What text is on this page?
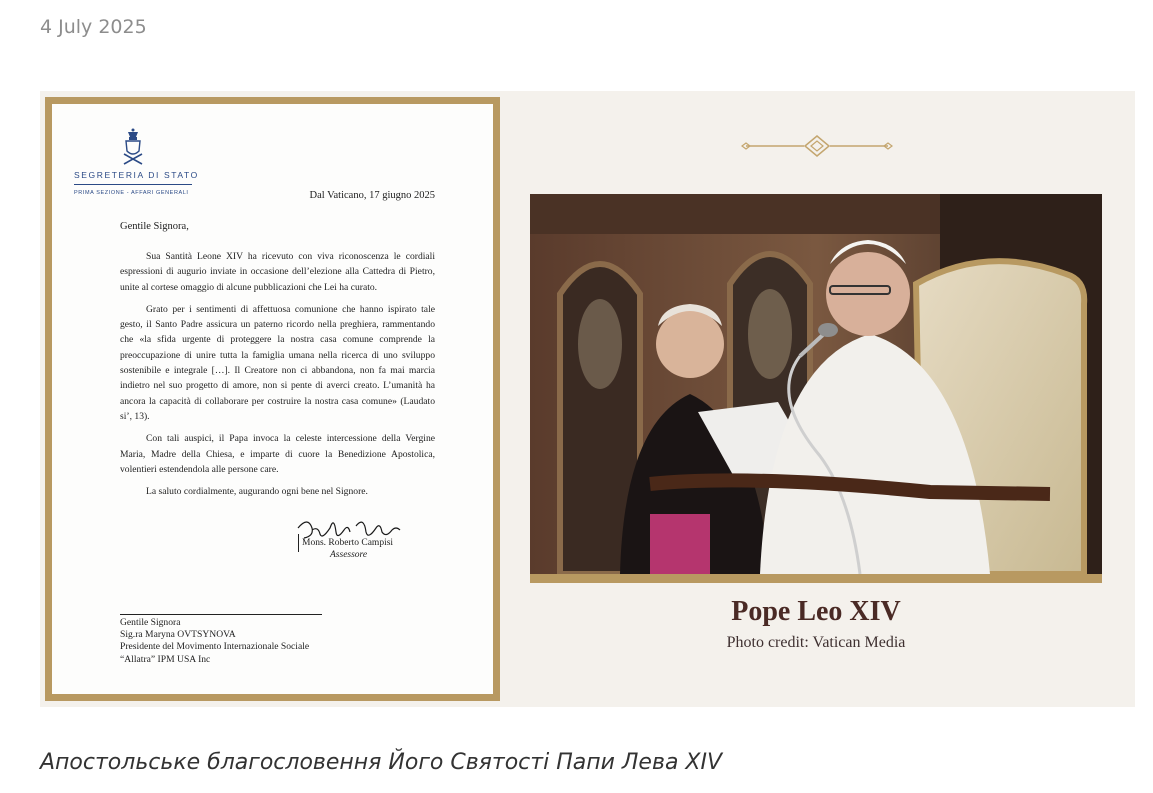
4 July 2025
SEGRETERIA DI STATO
PRIMA SEZIONE - AFFARI GENERALI	Dal Vaticano, 17 giugno 2025
Gentile Signora,

Sua Santità Leone XIV ha ricevuto con viva riconoscenza le cordiali espressioni di augurio inviate in occasione dell’elezione alla Cattedra di Pietro, unite al cortese omaggio di alcune pubblicazioni che Lei ha curato.

Grato per i sentimenti di affettuosa comunione che hanno ispirato tale gesto, il Santo Padre assicura un paterno ricordo nella preghiera, rammentando che «la sfida urgente di proteggere la nostra casa comune comprende la preoccupazione di unire tutta la famiglia umana nella ricerca di uno sviluppo sostenibile e integrale […]. Il Creatore non ci abbandona, non fa mai marcia indietro nel suo progetto di amore, non si pente di averci creato. L’umanità ha ancora la capacità di collaborare per costruire la nostra casa comune» (Laudato si’, 13).

Con tali auspici, il Papa invoca la celeste intercessione della Vergine Maria, Madre della Chiesa, e imparte di cuore la Benedizione Apostolica, volentieri estendendola alle persone care.

La saluto cordialmente, augurando ogni bene nel Signore.

Mons. Roberto Campisi
Assessore
Gentile Signora
Sig.ra Maryna OVTSYNOVA
Presidente del Movimento Internazionale Sociale
“Allatra” IPM USA Inc
Pope Leo XIV
Photo credit: Vatican Media
Апостольське благословення Його Святості Папи Лева XIV
